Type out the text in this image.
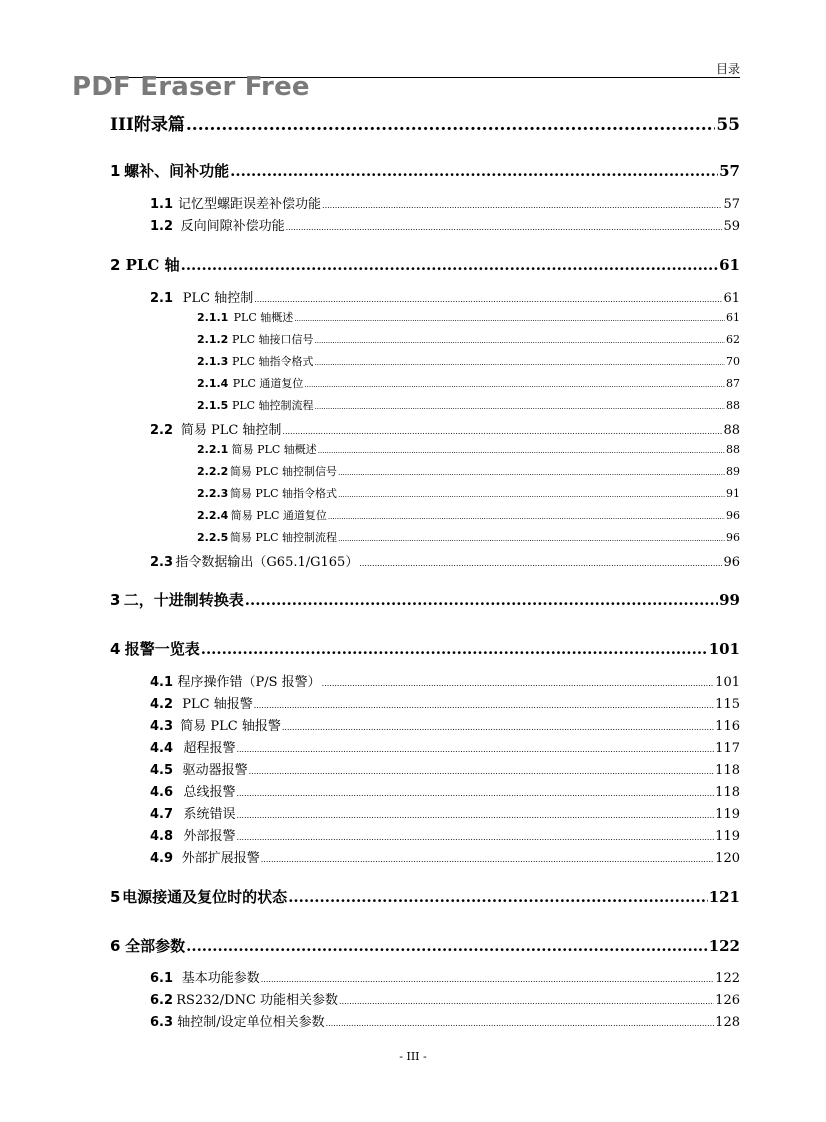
目录
PDF Eraser Free
III 附录篇 .....	55
1 螺补、间补功能 .....	57
1.1 记忆型螺距误差补偿功能 .....	57
1.2 反向间隙补偿功能 .....	59
2 PLC 轴 .....	61
2.1 PLC 轴控制 .....	61
2.1.1 PLC 轴概述 .....	61
2.1.2 PLC 轴接口信号 .....	62
2.1.3 PLC 轴指令格式 .....	70
2.1.4 PLC 通道复位 .....	87
2.1.5 PLC 轴控制流程 .....	88
2.2 简易 PLC 轴控制 .....	88
2.2.1 简易 PLC 轴概述 .....	88
2.2.2 简易 PLC 轴控制信号 .....	89
2.2.3 简易 PLC 轴指令格式 .....	91
2.2.4 简易 PLC 通道复位 .....	96
2.2.5 简易 PLC 轴控制流程 .....	96
2.3 指令数据输出（G65.1/G165） .....	96
3 二，十进制转换表 .....	99
4 报警一览表 .....	101
4.1 程序操作错（P/S 报警） .....	101
4.2 PLC 轴报警 .....	115
4.3 简易 PLC 轴报警 .....	116
4.4 超程报警 .....	117
4.5 驱动器报警 .....	118
4.6 总线报警 .....	118
4.7 系统错误 .....	119
4.8 外部报警 .....	119
4.9 外部扩展报警 .....	120
5 电源接通及复位时的状态 .....	121
6 全部参数 .....	122
6.1 基本功能参数 .....	122
6.2 RS232/DNC 功能相关参数 .....	126
6.3 轴控制/设定单位相关参数 .....	128
- III -
